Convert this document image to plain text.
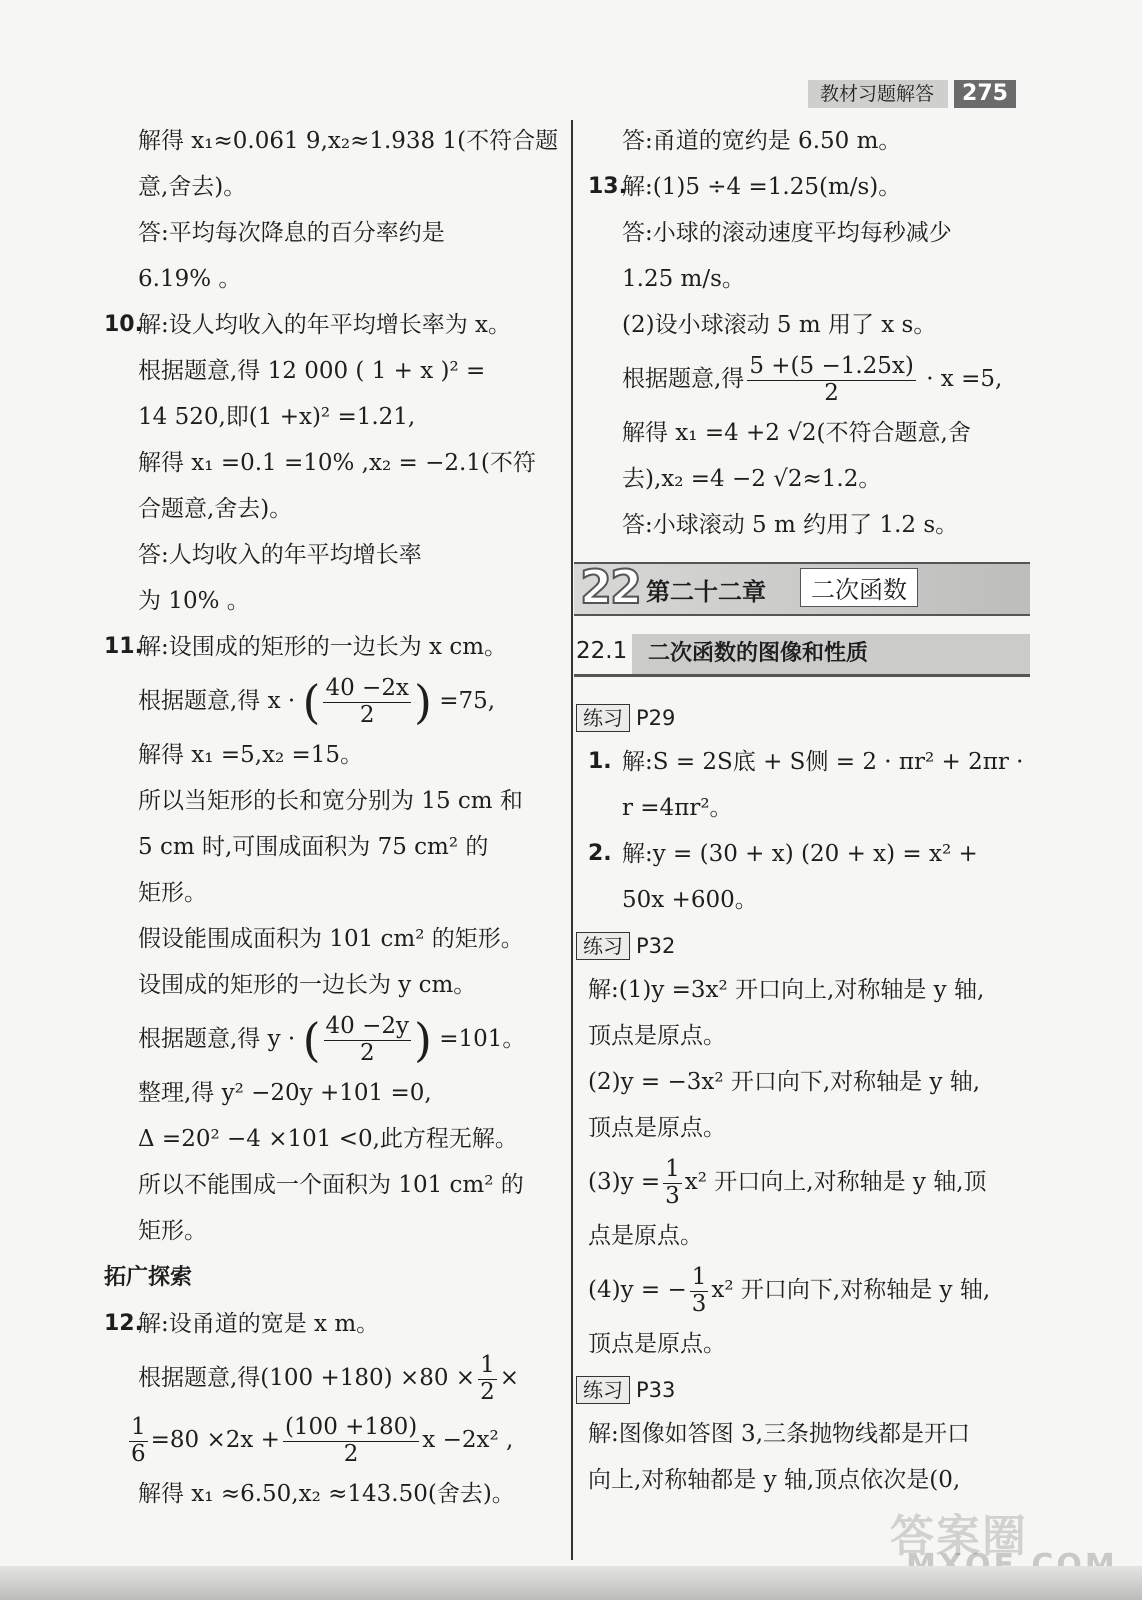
教材习题解答	275
解得 x₁≈0.061 9,x₂≈1.938 1(不符合题
意,舍去)。
答:平均每次降息的百分率约是
6.19% 。
10.
解:设人均收入的年平均增长率为 x。
根据题意,得 12 000 ( 1 + x )² =
14 520,即(1 +x)² =1.21,
解得 x₁ =0.1 =10% ,x₂ = −2.1(不符
合题意,舍去)。
答:人均收入的年平均增长率
为 10% 。
11.
解:设围成的矩形的一边长为 x cm。
根据题意,得 x · ( $\frac{40 -2x}{2}$ ) =75,
解得 x₁ =5,x₂ =15。
所以当矩形的长和宽分别为 15 cm 和
5 cm 时,可围成面积为 75 cm² 的
矩形。
假设能围成面积为 101 cm² 的矩形。
设围成的矩形的一边长为 y cm。
根据题意,得 y · ( $\frac{40 -2y}{2}$ ) =101。
整理,得 y² −20y +101 =0,
Δ =20² −4 ×101 <0,此方程无解。
所以不能围成一个面积为 101 cm² 的
矩形。
拓广探索
12.
解:设甬道的宽是 x m。
根据题意,得$(100 +180) \times 80 \times \frac{1}{2}$ ×
$\frac{1}{6} =80 \times 2x + \frac{(100 +180)}{2}$ x −2x² ,
解得 x₁ ≈6.50,x₂ ≈143.50(舍去)。
答:甬道的宽约是 6.50 m。
13.
解:(1)5 ÷4 =1.25(m/s)。
答:小球的滚动速度平均每秒减少
1.25 m/s。
(2)设小球滚动 5 m 用了 x s。
根据题意,得 $\frac{5 +(5 -1.25x)}{2} \cdot x =5$,
解得 x₁ =4 +2 √2(不符合题意,舍
去),x₂ =4 −2 √2≈1.2。
答:小球滚动 5 m 约用了 1.2 s。
22 第二十二章	二次函数
22.1 二次函数的图像和性质
练习 P29
1. 解:S = 2S底 + S侧 = 2 · πr² + 2πr ·
r =4πr²。
2. 解:y = (30 + x) (20 + x) = x² +
50x +600。
练习 P32
解:(1)y =3x² 开口向上,对称轴是 y 轴,
顶点是原点。
(2)y = −3x² 开口向下,对称轴是 y 轴,
顶点是原点。
$(3)y = \frac{1}{3} x^2$ 开口向上,对称轴是 y 轴,顶
点是原点。
(4)y = − $\frac{1}{3} x^2$ 开口向下,对称轴是 y 轴,
顶点是原点。
练习 P33
解:图像如答图 3,三条抛物线都是开口
向上,对称轴都是 y 轴,顶点依次是(0,
答案圈
